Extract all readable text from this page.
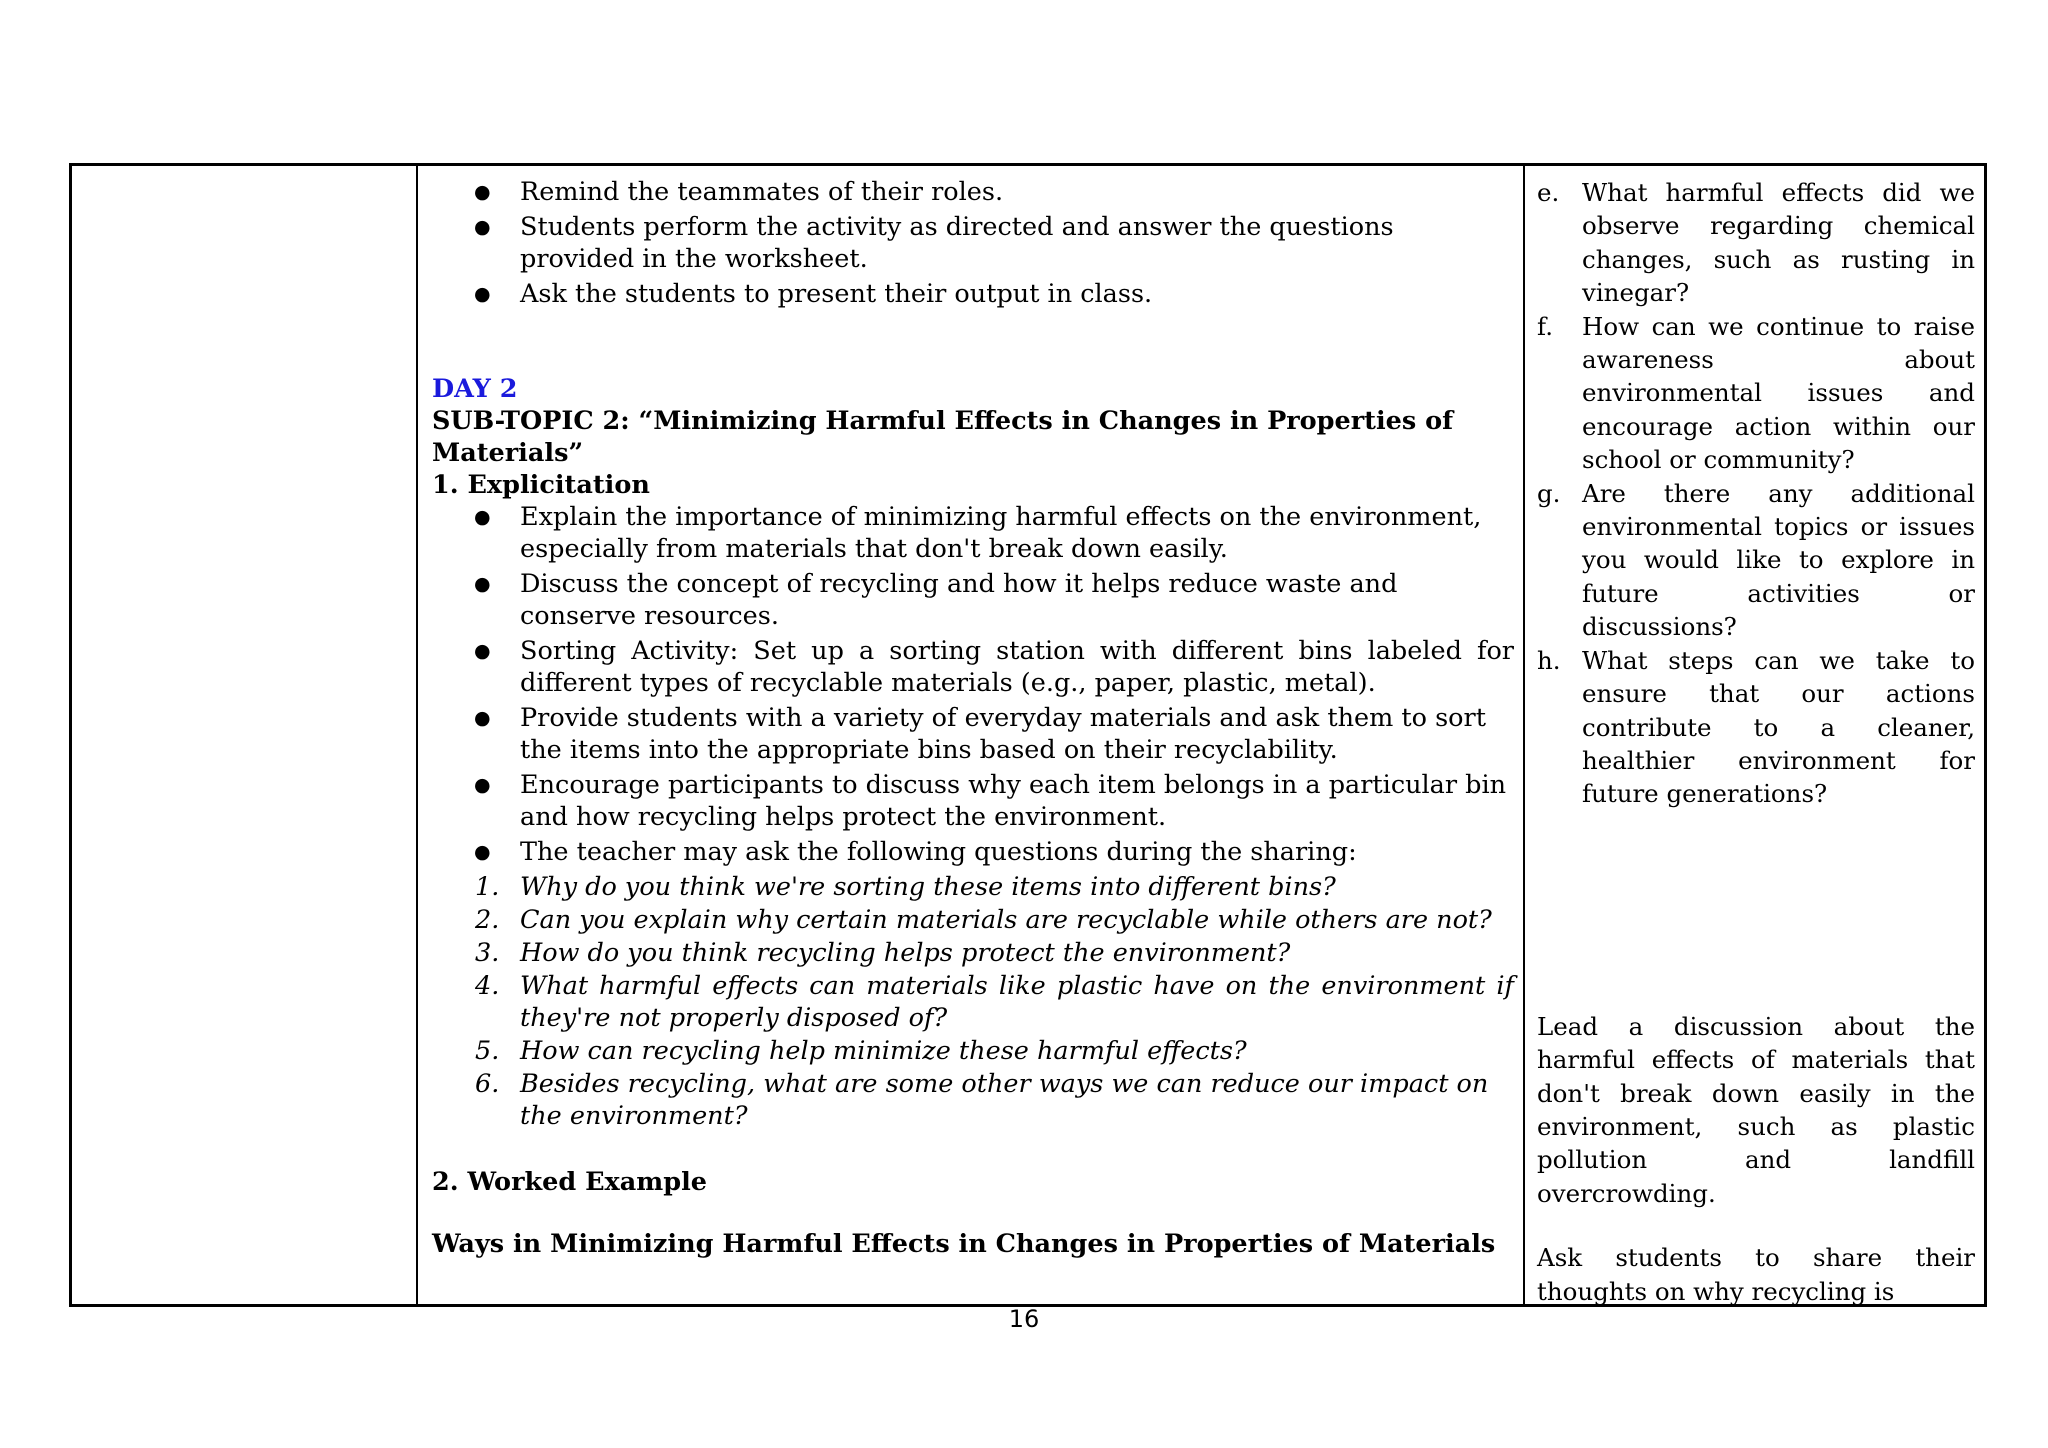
● Remind the teammates of their roles.
● Students perform the activity as directed and answer the questions provided in the worksheet.
● Ask the students to present their output in class.
DAY 2
SUB-TOPIC 2: “Minimizing Harmful Effects in Changes in Properties of Materials”
1. Explicitation
● Explain the importance of minimizing harmful effects on the environment, especially from materials that don't break down easily.
● Discuss the concept of recycling and how it helps reduce waste and conserve resources.
● Sorting Activity: Set up a sorting station with different bins labeled for different types of recyclable materials (e.g., paper, plastic, metal).
● Provide students with a variety of everyday materials and ask them to sort the items into the appropriate bins based on their recyclability.
● Encourage participants to discuss why each item belongs in a particular bin and how recycling helps protect the environment.
● The teacher may ask the following questions during the sharing:
1. Why do you think we're sorting these items into different bins?
2. Can you explain why certain materials are recyclable while others are not?
3. How do you think recycling helps protect the environment?
4. What harmful effects can materials like plastic have on the environment if they're not properly disposed of?
5. How can recycling help minimize these harmful effects?
6. Besides recycling, what are some other ways we can reduce our impact on the environment?
2. Worked Example
Ways in Minimizing Harmful Effects in Changes in Properties of Materials
e. What harmful effects did we observe regarding chemical changes, such as rusting in vinegar?
f. How can we continue to raise awareness about environmental issues and encourage action within our school or community?
g. Are there any additional environmental topics or issues you would like to explore in future activities or discussions?
h. What steps can we take to ensure that our actions contribute to a cleaner, healthier environment for future generations?

Lead a discussion about the harmful effects of materials that don't break down easily in the environment, such as plastic pollution and landfill overcrowding.

Ask students to share their thoughts on why recycling is

16
